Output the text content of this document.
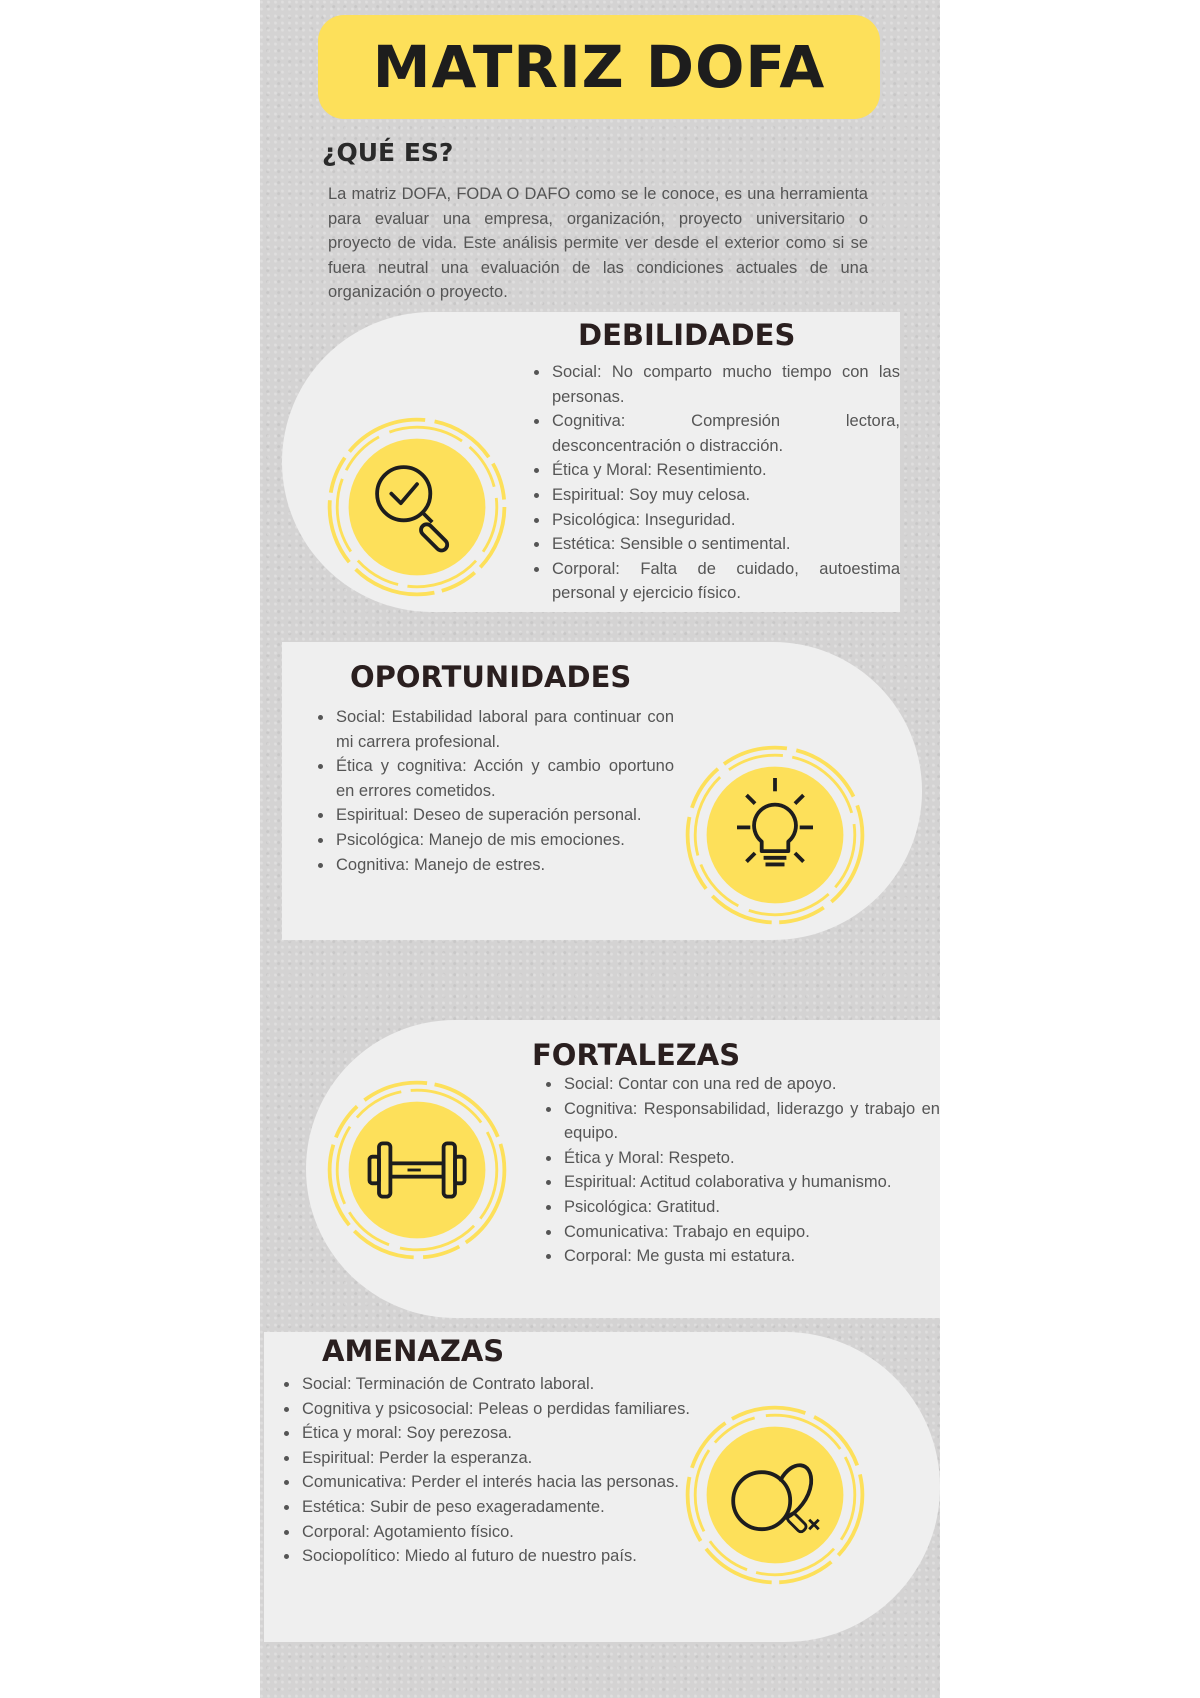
MATRIZ DOFA
¿QUÉ ES?

La matriz DOFA, FODA O DAFO como se le conoce, es una herramienta para evaluar una empresa, organización, proyecto universitario o proyecto de vida. Este análisis permite ver desde el exterior como si se fuera neutral una evaluación de las condiciones actuales de una organización o proyecto.

DEBILIDADES
• Social: No comparto mucho tiempo con las personas.
• Cognitiva: Compresión lectora, desconcentración o distracción.
• Ética y Moral: Resentimiento.
• Espiritual: Soy muy celosa.
• Psicológica: Inseguridad.
• Estética: Sensible o sentimental.
• Corporal: Falta de cuidado, autoestima personal y ejercicio físico.
OPORTUNIDADES
• Social: Estabilidad laboral para continuar con mi carrera profesional.
• Ética y cognitiva: Acción y cambio oportuno en errores cometidos.
• Espiritual: Deseo de superación personal.
• Psicológica: Manejo de mis emociones.
• Cognitiva: Manejo de estres.
FORTALEZAS
• Social: Contar con una red de apoyo.
• Cognitiva: Responsabilidad, liderazgo y trabajo en equipo.
• Ética y Moral: Respeto.
• Espiritual: Actitud colaborativa y humanismo.
• Psicológica: Gratitud.
• Comunicativa: Trabajo en equipo.
• Corporal: Me gusta mi estatura.
AMENAZAS
• Social: Terminación de Contrato laboral.
• Cognitiva y psicosocial: Peleas o perdidas familiares.
• Ética y moral: Soy perezosa.
• Espiritual: Perder la esperanza.
• Comunicativa: Perder el interés hacia las personas.
• Estética: Subir de peso exageradamente.
• Corporal: Agotamiento físico.
• Sociopolítico: Miedo al futuro de nuestro país.
